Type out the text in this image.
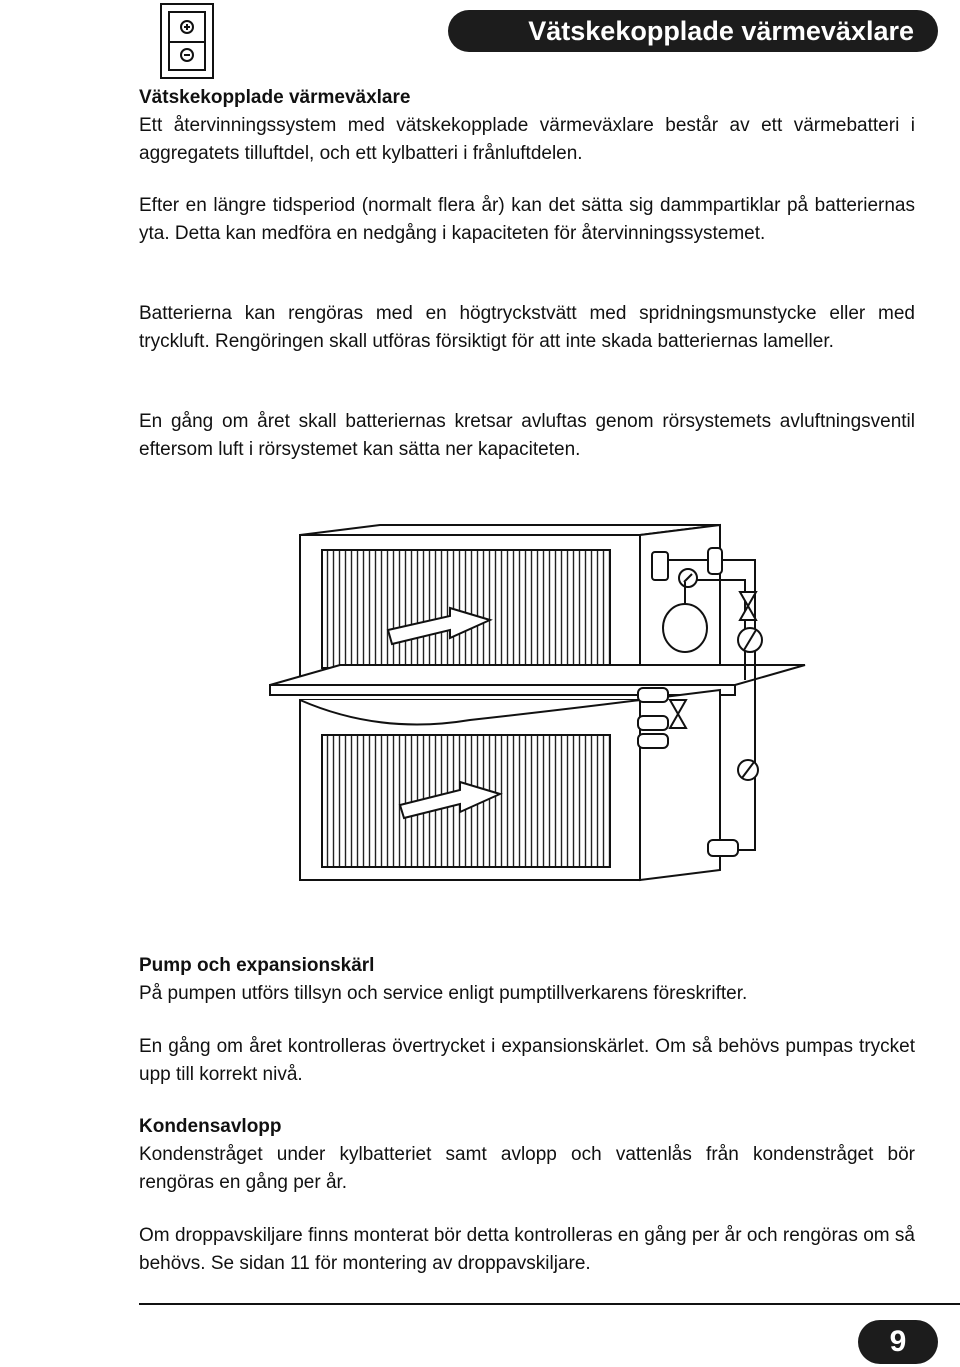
Vätskekopplade värmeväxlare
Vätskekopplade värmeväxlare

Ett återvinningssystem med vätskekopplade värmeväxlare består av ett värmebatteri i aggregatets tilluftdel, och ett kylbatteri i frånluftdelen.

Efter en längre tidsperiod (normalt flera år) kan det sätta sig dammpartiklar på batteriernas yta. Detta kan medföra en nedgång i kapaciteten för återvinningssystemet.

Batterierna kan rengöras med en högtryckstvätt med spridningsmunstycke eller med tryckluft. Rengöringen skall utföras försiktigt för att inte skada batteriernas lameller.

En gång om året skall batteriernas kretsar avluftas genom rörsystemets avluftningsventil eftersom luft i rörsystemet kan sätta ner kapaciteten.

Pump och expansionskärl

På pumpen utförs tillsyn och service enligt pumptillverkarens föreskrifter.

En gång om året kontrolleras övertrycket i expansionskärlet. Om så behövs pumpas trycket upp till korrekt nivå.

Kondensavlopp

Kondenstråget under kylbatteriet samt avlopp och vattenlås från kondenstråget bör rengöras en gång per år.

Om droppavskiljare finns monterat bör detta kontrolleras en gång per år och rengöras om så behövs. Se sidan 11 för montering av droppavskiljare.

9
